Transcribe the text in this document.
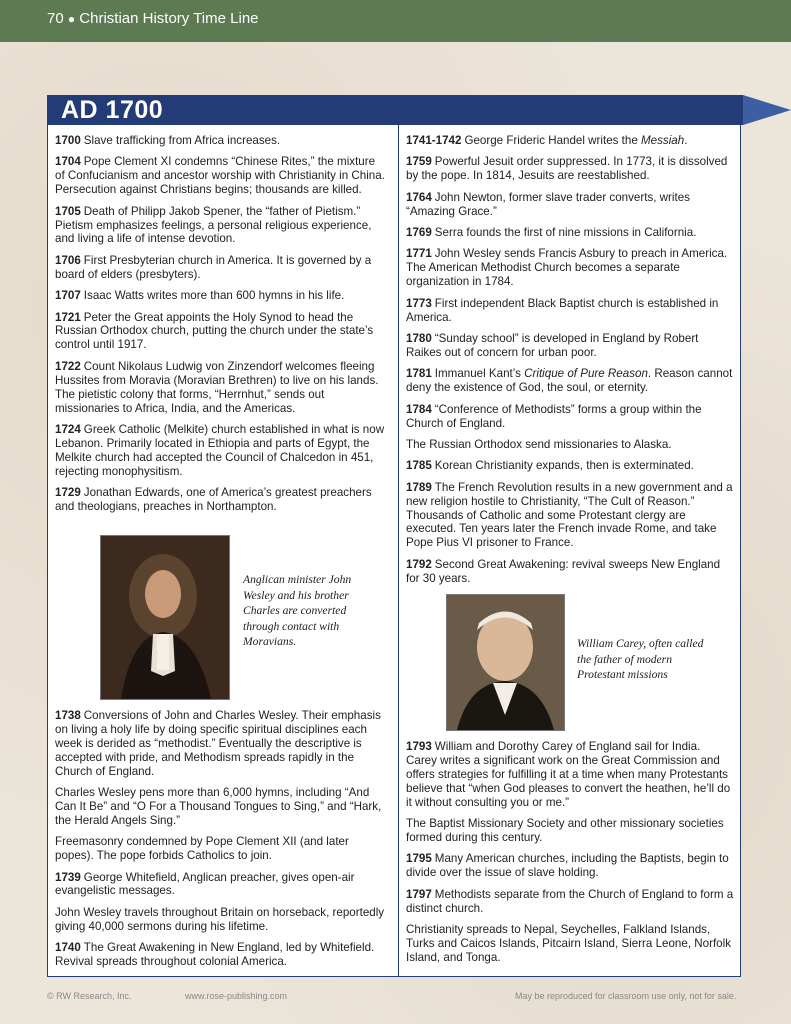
70 ● Christian History Time Line
AD 1700
1700 Slave trafficking from Africa increases.
1704 Pope Clement XI condemns “Chinese Rites,” the mixture of Confucianism and ancestor worship with Christianity in China. Persecution against Christians begins; thousands are killed.
1705 Death of Philipp Jakob Spener, the “father of Pietism.” Pietism emphasizes feelings, a personal religious experience, and living a life of intense devotion.
1706 First Presbyterian church in America. It is governed by a board of elders (presbyters).
1707 Isaac Watts writes more than 600 hymns in his life.
1721 Peter the Great appoints the Holy Synod to head the Russian Orthodox church, putting the church under the state’s control until 1917.
1722 Count Nikolaus Ludwig von Zinzendorf welcomes fleeing Hussites from Moravia (Moravian Brethren) to live on his lands. The pietistic colony that forms, “Herrnhut,” sends out missionaries to Africa, India, and the Americas.
1724 Greek Catholic (Melkite) church established in what is now Lebanon. Primarily located in Ethiopia and parts of Egypt, the Melkite church had accepted the Council of Chalcedon in 451, rejecting monophysitism.
1729 Jonathan Edwards, one of America’s greatest preachers and theologians, preaches in Northampton.
1738 Conversions of John and Charles Wesley. Their emphasis on living a holy life by doing specific spiritual disciplines each week is derided as “methodist.” Eventually the descriptive is accepted with pride, and Methodism spreads rapidly in the Church of England.
Charles Wesley pens more than 6,000 hymns, including “And Can It Be” and “O For a Thousand Tongues to Sing,” and “Hark, the Herald Angels Sing.”
Freemasonry condemned by Pope Clement XII (and later popes). The pope forbids Catholics to join.
1739 George Whitefield, Anglican preacher, gives open-air evangelistic messages.
John Wesley travels throughout Britain on horseback, reportedly giving 40,000 sermons during his lifetime.
1740 The Great Awakening in New England, led by Whitefield. Revival spreads throughout colonial America.
Anglican minister John Wesley and his brother Charles are converted through contact with Moravians.
1741-1742 George Frideric Handel writes the Messiah.
1759 Powerful Jesuit order suppressed. In 1773, it is dissolved by the pope. In 1814, Jesuits are reestablished.
1764 John Newton, former slave trader converts, writes “Amazing Grace.”
1769 Serra founds the first of nine missions in California.
1771 John Wesley sends Francis Asbury to preach in America. The American Methodist Church becomes a separate organization in 1784.
1773 First independent Black Baptist church is established in America.
1780 “Sunday school” is developed in England by Robert Raikes out of concern for urban poor.
1781 Immanuel Kant’s Critique of Pure Reason. Reason cannot deny the existence of God, the soul, or eternity.
1784 “Conference of Methodists” forms a group within the Church of England.
The Russian Orthodox send missionaries to Alaska.
1785 Korean Christianity expands, then is exterminated.
1789 The French Revolution results in a new government and a new religion hostile to Christianity, “The Cult of Reason.” Thousands of Catholic and some Protestant clergy are executed. Ten years later the French invade Rome, and take Pope Pius VI prisoner to France.
1792 Second Great Awakening: revival sweeps New England for 30 years.
1793 William and Dorothy Carey of England sail for India. Carey writes a significant work on the Great Commission and offers strategies for fulfilling it at a time when many Protestants believe that “when God pleases to convert the heathen, he’ll do it without consulting you or me.”
The Baptist Missionary Society and other missionary societies formed during this century.
1795 Many American churches, including the Baptists, begin to divide over the issue of slave holding.
1797 Methodists separate from the Church of England to form a distinct church.
Christianity spreads to Nepal, Seychelles, Falkland Islands, Turks and Caicos Islands, Pitcairn Island, Sierra Leone, Norfolk Island, and Tonga.
William Carey, often called the father of modern Protestant missions
© RW Research, Inc.	www.rose-publishing.com	May be reproduced for classroom use only, not for sale.
